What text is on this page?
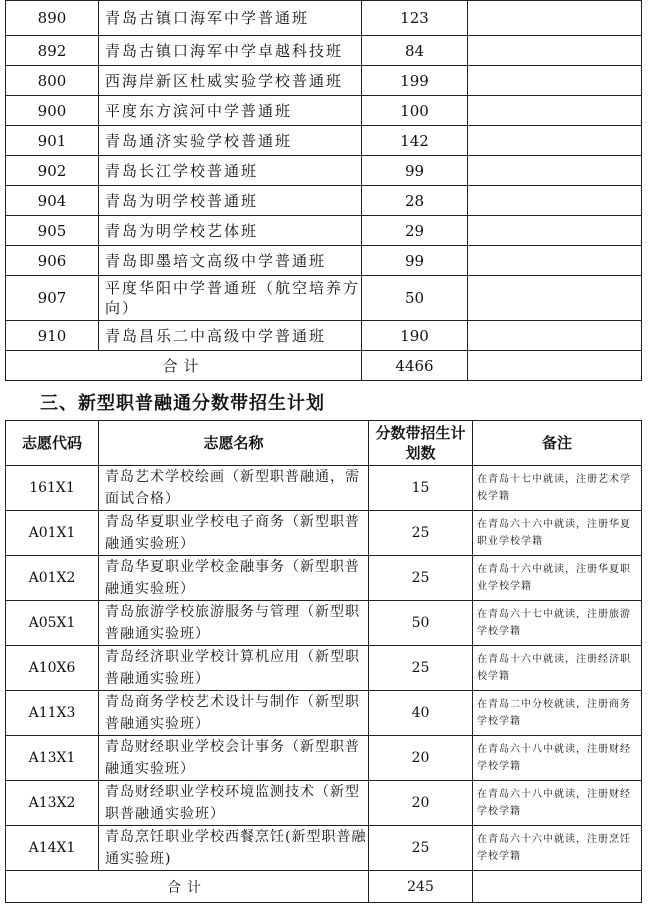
890	青岛古镇口海军中学普通班	123	
892	青岛古镇口海军中学卓越科技班	84	
800	西海岸新区杜威实验学校普通班	199	
900	平度东方滨河中学普通班	100	
901	青岛通济实验学校普通班	142	
902	青岛长江学校普通班	99	
904	青岛为明学校普通班	28	
905	青岛为明学校艺体班	29	
906	青岛即墨培文高级中学普通班	99	
907	平度华阳中学普通班（航空培养方向）	50	
910	青岛昌乐二中高级中学普通班	190	
合计		4466	
三、新型职普融通分数带招生计划
志愿代码	志愿名称	分数带招生计划数	备注
161X1	青岛艺术学校绘画（新型职普融通，需面试合格）	15	在青岛十七中就读，注册艺术学校学籍
A01X1	青岛华夏职业学校电子商务（新型职普融通实验班）	25	在青岛六十六中就读，注册华夏职业学校学籍
A01X2	青岛华夏职业学校金融事务（新型职普融通实验班）	25	在青岛十六中就读，注册华夏职业学校学籍
A05X1	青岛旅游学校旅游服务与管理（新型职普融通实验班）	50	在青岛六十七中就读，注册旅游学校学籍
A10X6	青岛经济职业学校计算机应用（新型职普融通实验班）	25	在青岛十六中就读，注册经济职校学籍
A11X3	青岛商务学校艺术设计与制作（新型职普融通实验班）	40	在青岛二中分校就读，注册商务学校学籍
A13X1	青岛财经职业学校会计事务（新型职普融通实验班）	20	在青岛六十八中就读，注册财经学校学籍
A13X2	青岛财经职业学校环境监测技术（新型职普融通实验班）	20	在青岛六十八中就读，注册财经学校学籍
A14X1	青岛烹饪职业学校西餐烹饪(新型职普融通实验班)	25	在青岛六十六中就读，注册烹饪学校学籍
合计		245	
